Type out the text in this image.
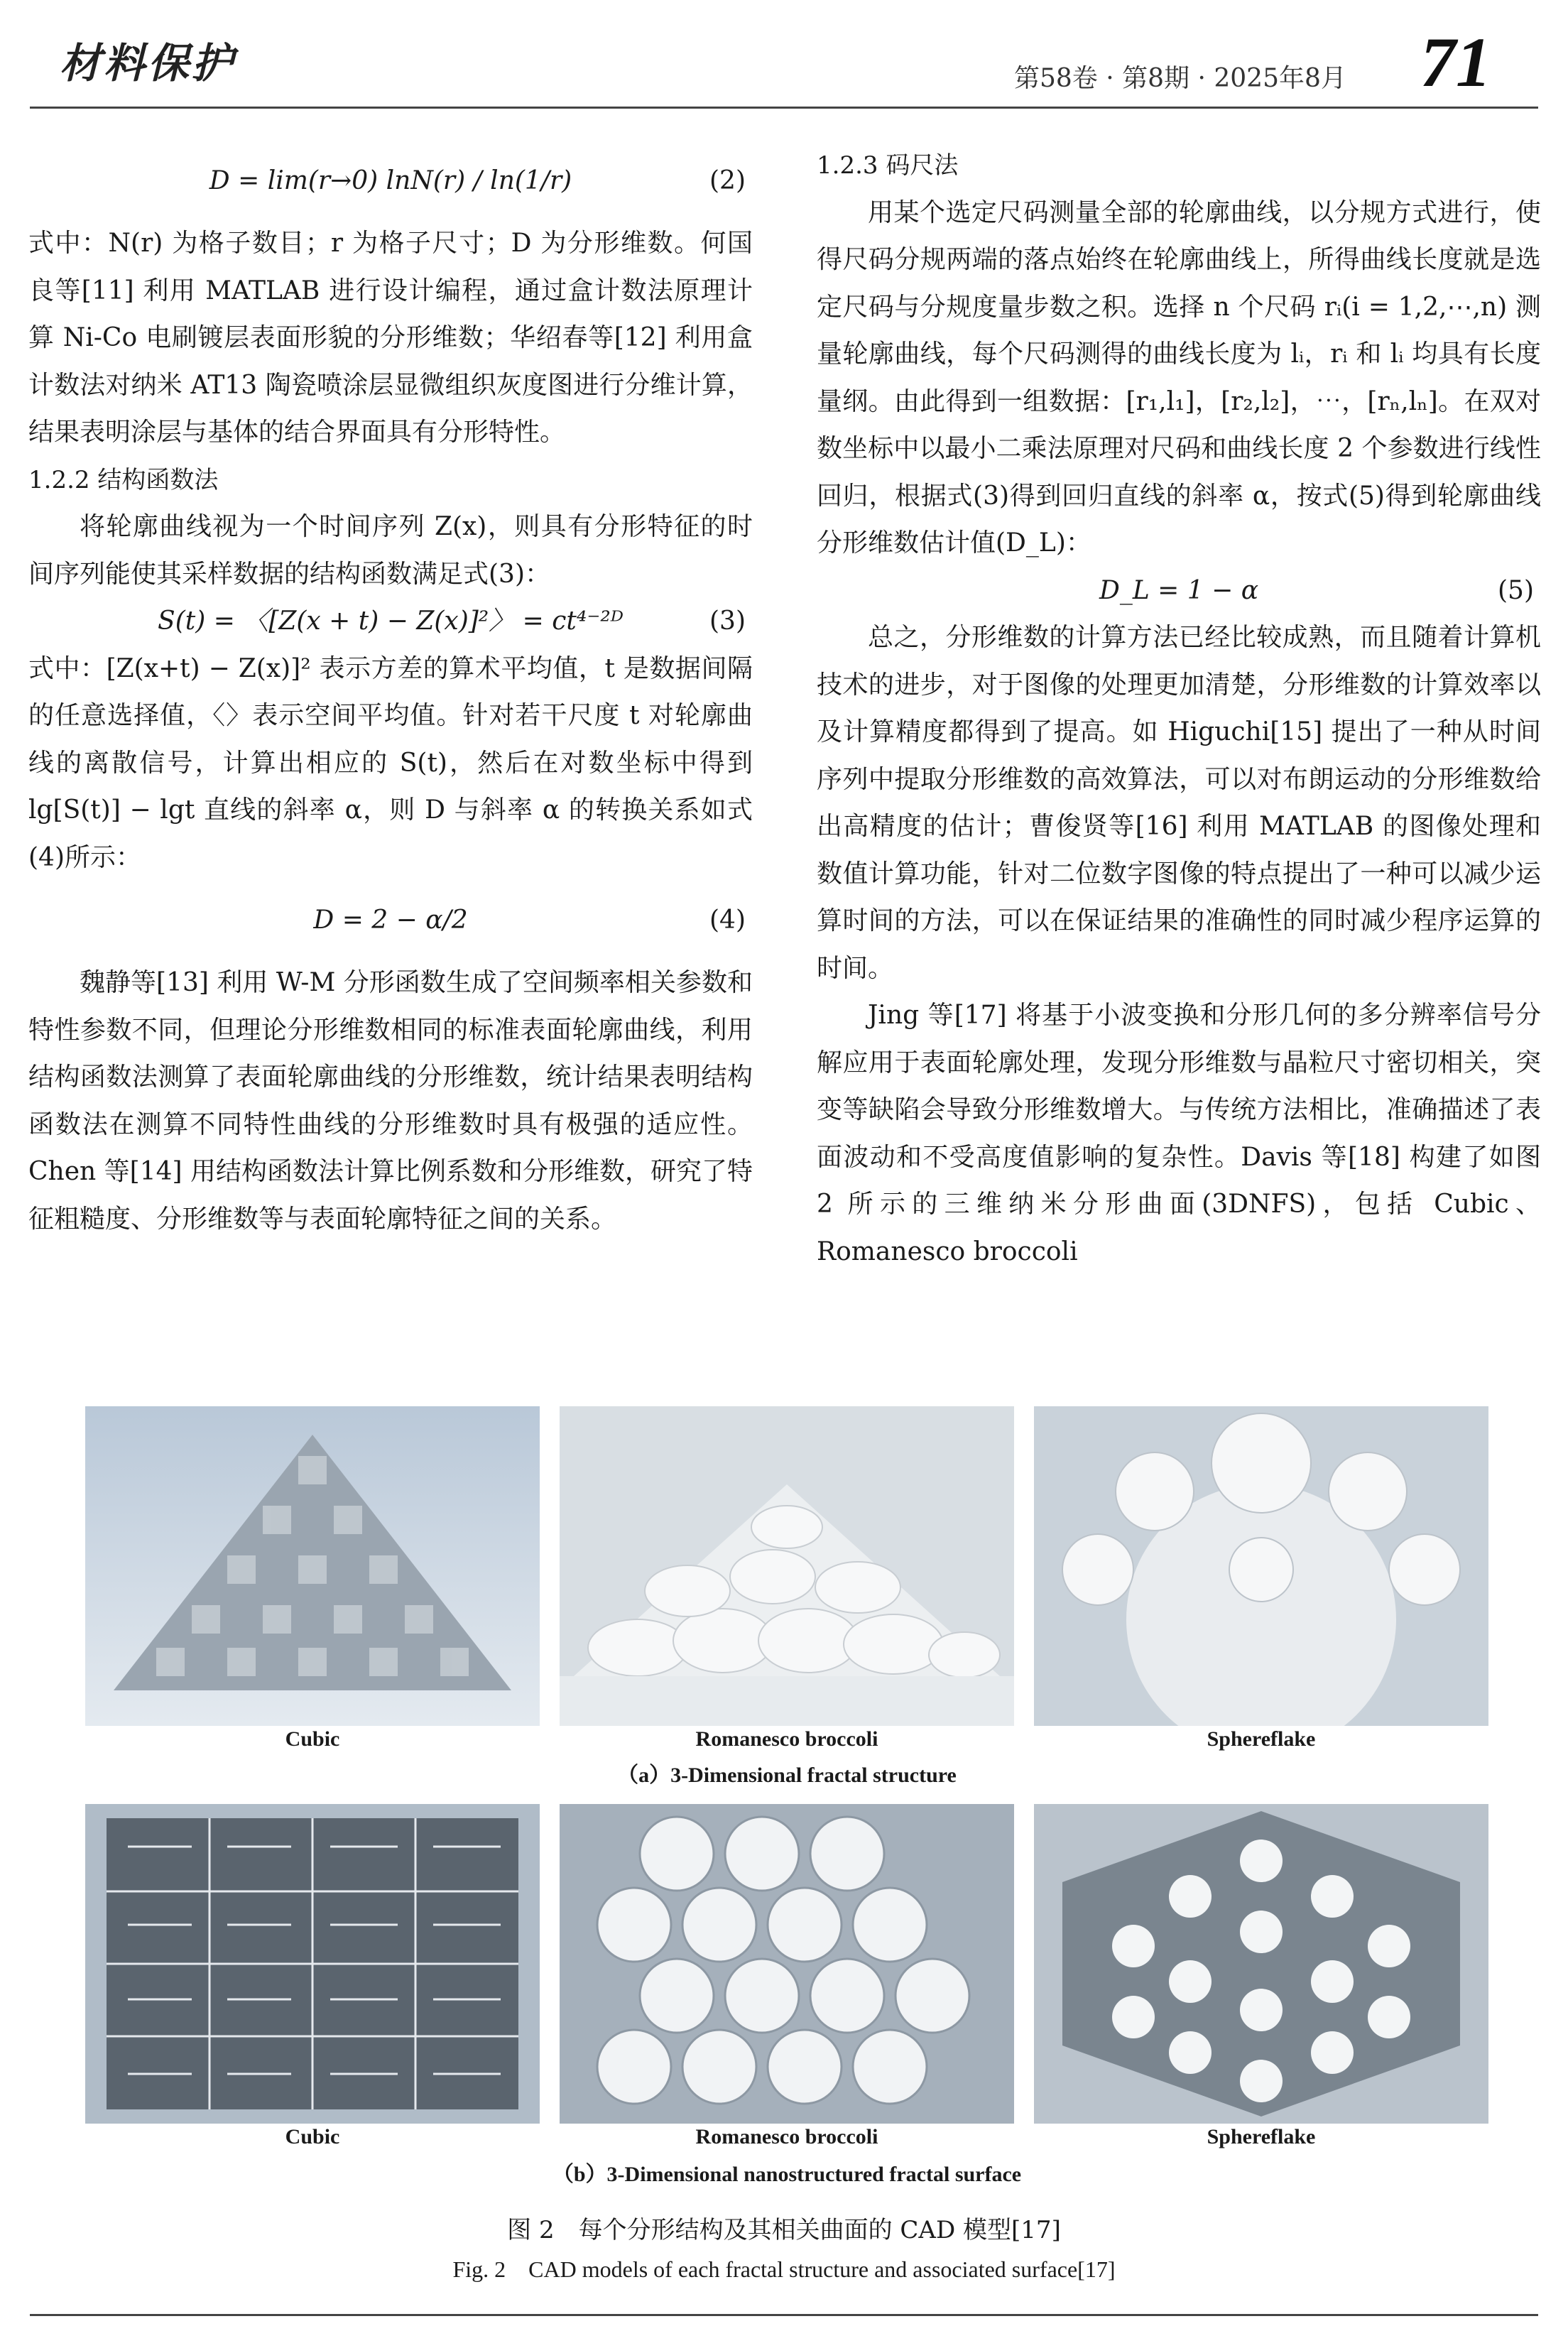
材料保护	第58卷 · 第8期 · 2025年8月 71
D = lim(r→0) lnN(r) / ln(1/r)	(2)

式中：N(r) 为格子数目；r 为格子尺寸；D 为分形维数。何国良等[11] 利用 MATLAB 进行设计编程，通过盒计数法原理计算 Ni-Co 电刷镀层表面形貌的分形维数；华绍春等[12] 利用盒计数法对纳米 AT13 陶瓷喷涂层显微组织灰度图进行分维计算，结果表明涂层与基体的结合界面具有分形特性。

1.2.2 结构函数法

将轮廓曲线视为一个时间序列 Z(x)，则具有分形特征的时间序列能使其采样数据的结构函数满足式(3)：

S(t) = 〈[Z(x + t) − Z(x)]²〉 = ct⁴⁻²ᴰ	(3)

式中：[Z(x+t) − Z(x)]² 表示方差的算术平均值，t 是数据间隔的任意选择值，〈〉表示空间平均值。针对若干尺度 t 对轮廓曲线的离散信号，计算出相应的 S(t)，然后在对数坐标中得到 lg[S(t)] − lgt 直线的斜率 α，则 D 与斜率 α 的转换关系如式(4)所示：

D = 2 − α/2	(4)

魏静等[13] 利用 W-M 分形函数生成了空间频率相关参数和特性参数不同，但理论分形维数相同的标准表面轮廓曲线，利用结构函数法测算了表面轮廓曲线的分形维数，统计结果表明结构函数法在测算不同特性曲线的分形维数时具有极强的适应性。Chen 等[14] 用结构函数法计算比例系数和分形维数，研究了特征粗糙度、分形维数等与表面轮廓特征之间的关系。

1.2.3 码尺法

用某个选定尺码测量全部的轮廓曲线，以分规方式进行，使得尺码分规两端的落点始终在轮廓曲线上，所得曲线长度就是选定尺码与分规度量步数之积。选择 n 个尺码 rᵢ(i = 1,2,⋯,n) 测量轮廓曲线，每个尺码测得的曲线长度为 lᵢ，rᵢ 和 lᵢ 均具有长度量纲。由此得到一组数据：[r₁,l₁]，[r₂,l₂]，⋯，[rₙ,lₙ]。在双对数坐标中以最小二乘法原理对尺码和曲线长度 2 个参数进行线性回归，根据式(3)得到回归直线的斜率 α，按式(5)得到轮廓曲线分形维数估计值(D_L)：

D_L = 1 − α	(5)

总之，分形维数的计算方法已经比较成熟，而且随着计算机技术的进步，对于图像的处理更加清楚，分形维数的计算效率以及计算精度都得到了提高。如 Higuchi[15] 提出了一种从时间序列中提取分形维数的高效算法，可以对布朗运动的分形维数给出高精度的估计；曹俊贤等[16] 利用 MATLAB 的图像处理和数值计算功能，针对二位数字图像的特点提出了一种可以减少运算时间的方法，可以在保证结果的准确性的同时减少程序运算的时间。

Jing 等[17] 将基于小波变换和分形几何的多分辨率信号分解应用于表面轮廓处理，发现分形维数与晶粒尺寸密切相关，突变等缺陷会导致分形维数增大。与传统方法相比，准确描述了表面波动和不受高度值影响的复杂性。Davis 等[18] 构建了如图 2 所示的三维纳米分形曲面(3DNFS)，包括 Cubic、Romanesco broccoli

Cubic	Romanesco broccoli	Sphereflake
（a）3-Dimensional fractal structure
Cubic	Romanesco broccoli	Sphereflake
（b）3-Dimensional nanostructured fractal surface
图 2　每个分形结构及其相关曲面的 CAD 模型[17]
Fig. 2　CAD models of each fractal structure and associated surface[17]
